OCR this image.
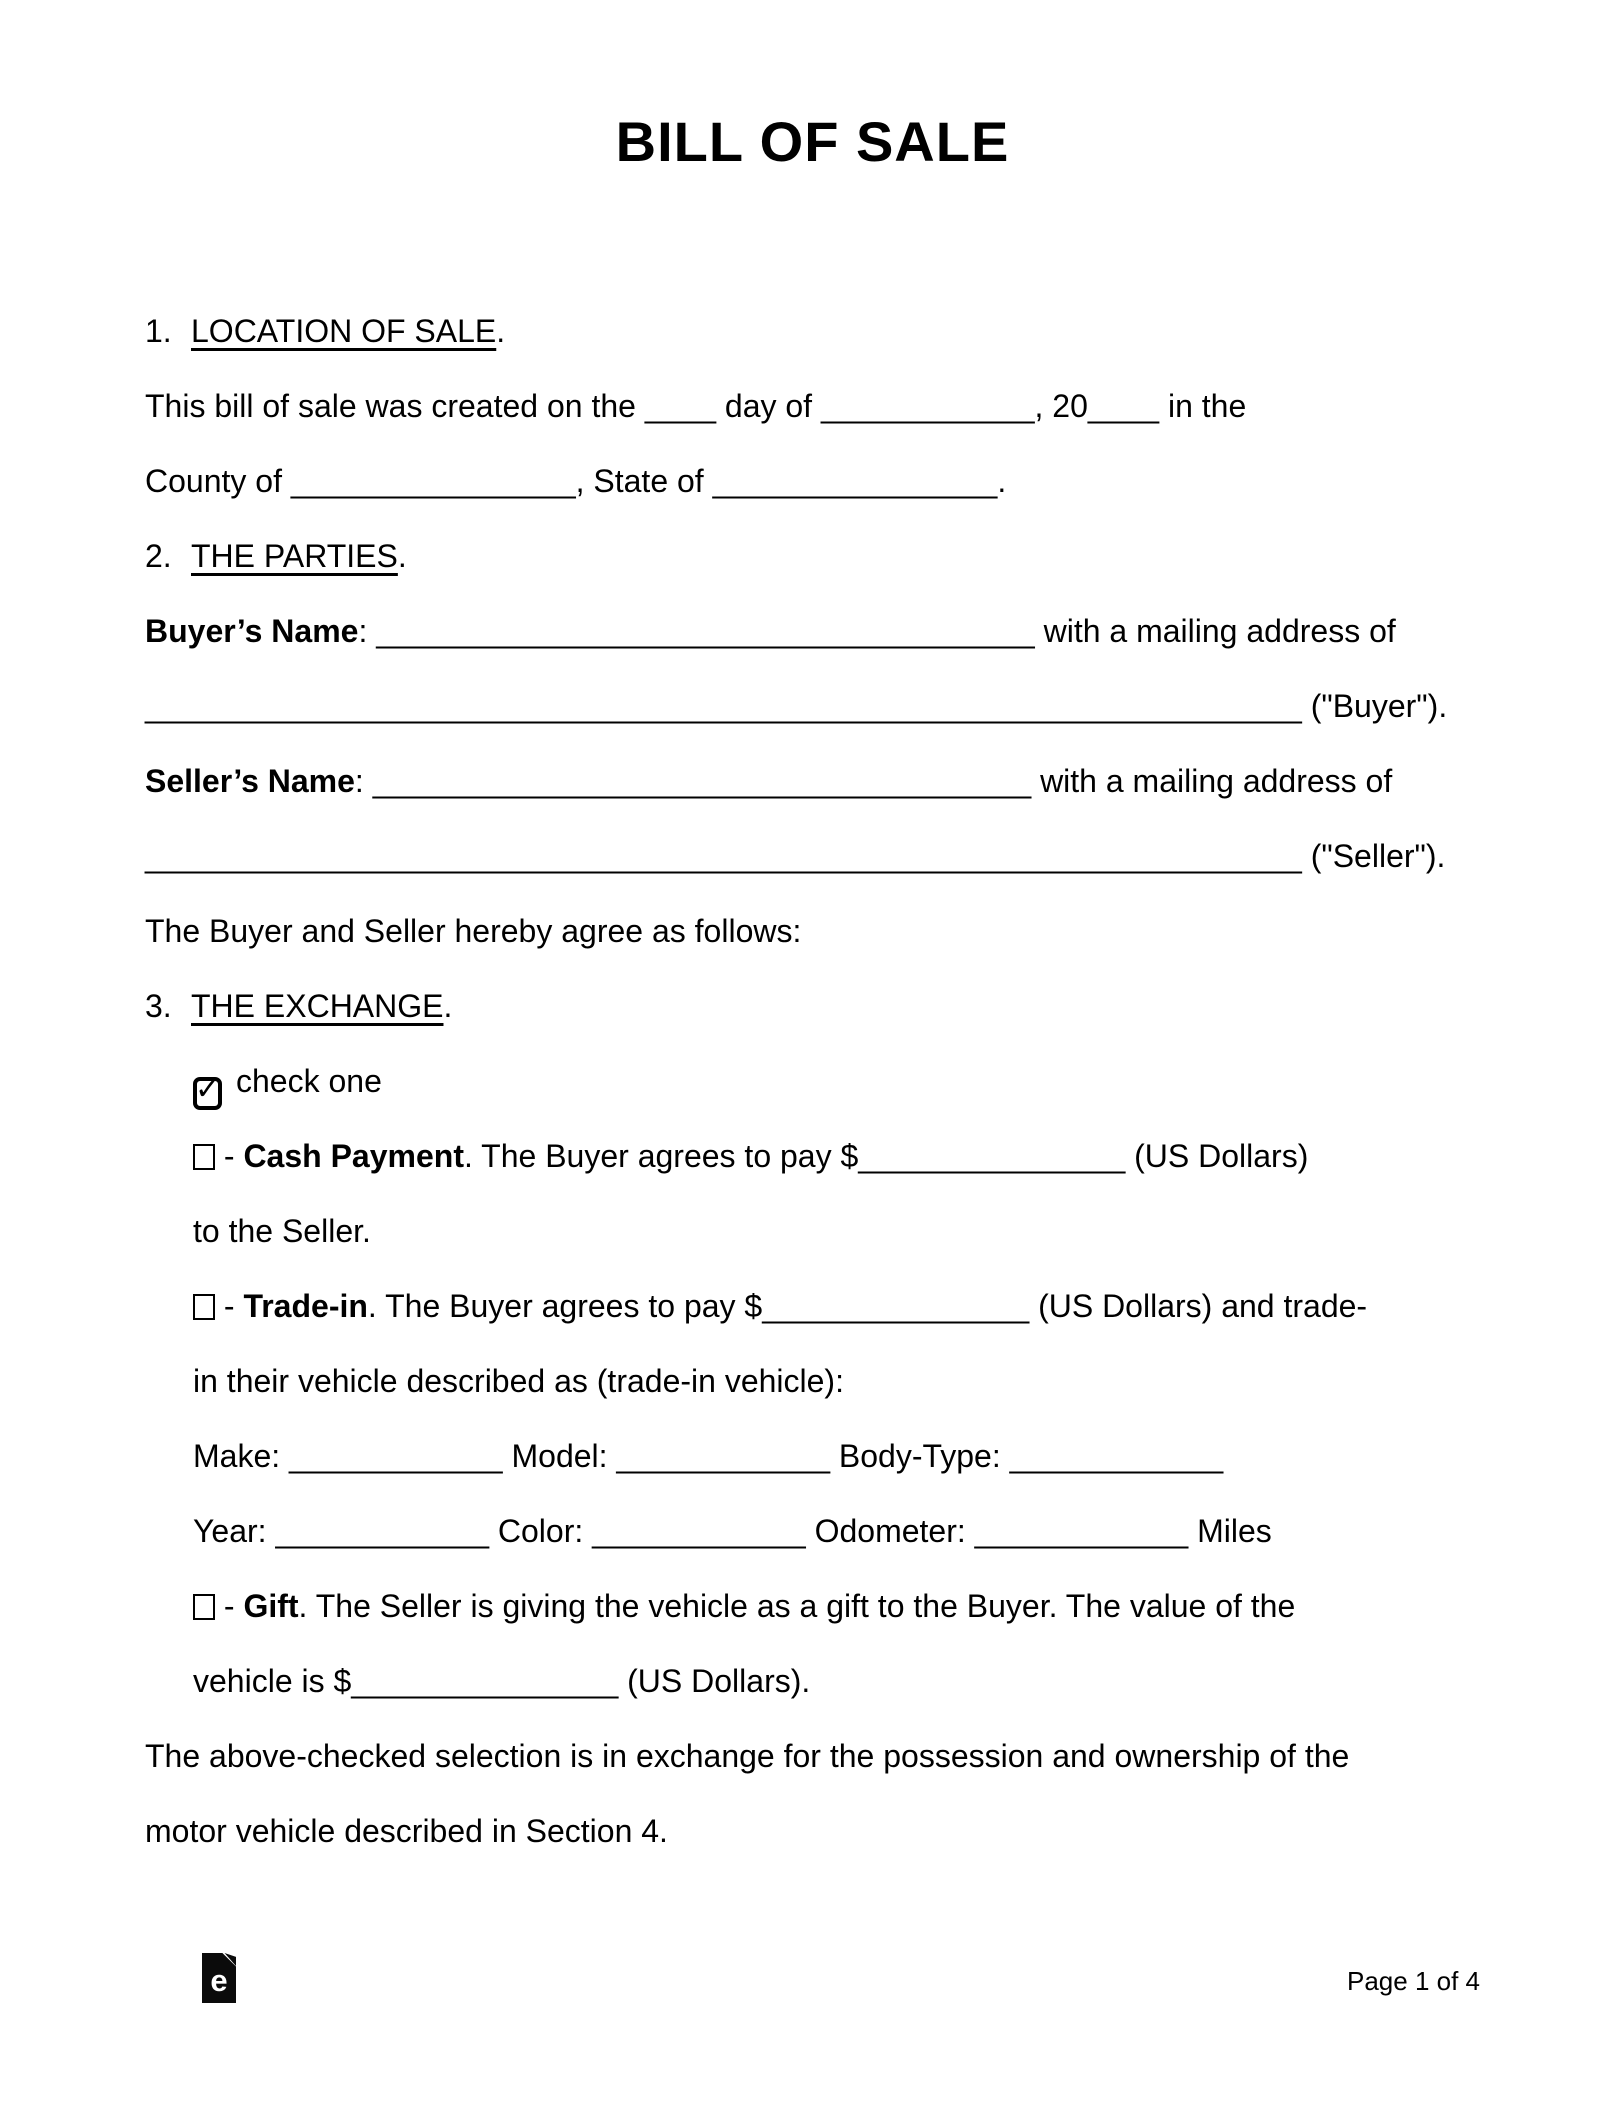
BILL OF SALE
1. LOCATION OF SALE.
This bill of sale was created on the ____ day of ____________, 20____ in the
County of ________________, State of ________________.
2. THE PARTIES.
Buyer’s Name: _____________________________________ with a mailing address of
_________________________________________________________________ ("Buyer").
Seller’s Name: _____________________________________ with a mailing address of
_________________________________________________________________ ("Seller").
The Buyer and Seller hereby agree as follows:
3. THE EXCHANGE.
✓ check one
- Cash Payment. The Buyer agrees to pay $_______________ (US Dollars)
to the Seller.
- Trade-in. The Buyer agrees to pay $_______________ (US Dollars) and trade-
in their vehicle described as (trade-in vehicle):
Make: ____________ Model: ____________ Body-Type: ____________
Year: ____________ Color: ____________ Odometer: ____________ Miles
- Gift. The Seller is giving the vehicle as a gift to the Buyer. The value of the
vehicle is $_______________ (US Dollars).
The above-checked selection is in exchange for the possession and ownership of the
motor vehicle described in Section 4.
e	Page 1 of 4
